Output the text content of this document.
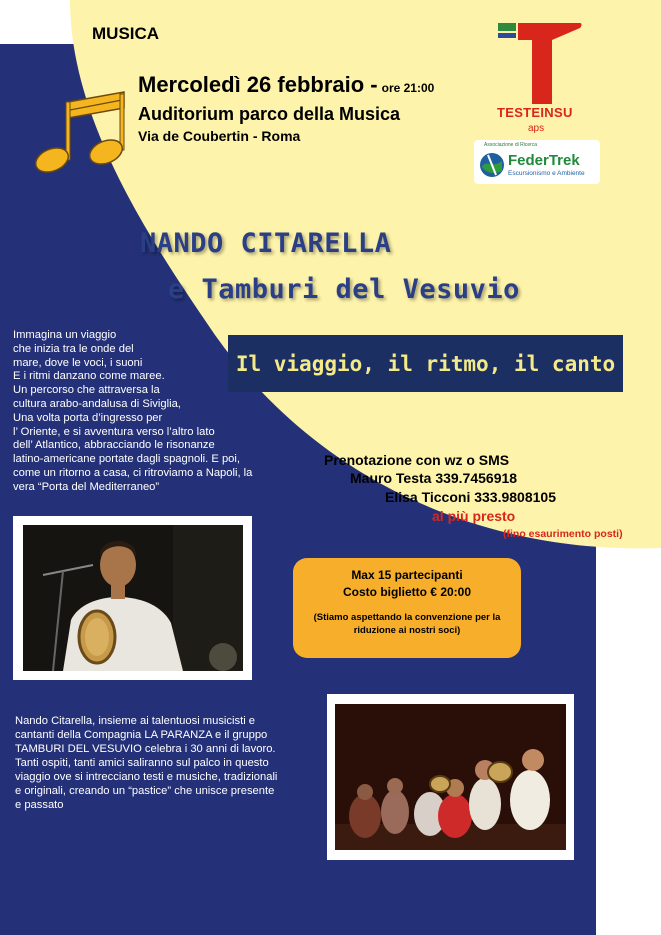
MUSICA
Mercoledì 26 febbraio - ore 21:00
Auditorium parco della Musica
Via de Coubertin - Roma
TESTEINSU
aps
Associazione di Ricerca
FederTrek
Escursionismo e Ambiente
NANDO CITARELLA
e Tamburi del Vesuvio
Il viaggio, il ritmo, il canto
Immagina un viaggio
che inizia tra le onde del
mare, dove le voci, i suoni
E i ritmi danzano come maree.
Un percorso che attraversa la
cultura arabo-andalusa di Siviglia,
Una volta porta d’ingresso per
l’ Oriente, e si avventura verso l’altro lato
dell’ Atlantico, abbracciando le risonanze
latino-americane portate dagli spagnoli. E poi,
come un ritorno a casa, ci ritroviamo a Napoli, la
vera “Porta del Mediterraneo”
Prenotazione con wz o SMS
Mauro Testa 339.7456918
Elisa Ticconi 333.9808105
al più presto
(fino esaurimento posti)
Max 15 partecipanti
Costo biglietto € 20:00
(Stiamo aspettando la convenzione per la riduzione ai nostri soci)
Nando Citarella, insieme ai talentuosi musicisti e
cantanti della Compagnia LA PARANZA e il gruppo
TAMBURI DEL VESUVIO celebra i 30 anni di lavoro.
Tanti ospiti, tanti amici saliranno sul palco in questo
viaggio ove si intrecciano testi e musiche, tradizionali
e originali, creando un “pastice” che unisce presente
e passato
